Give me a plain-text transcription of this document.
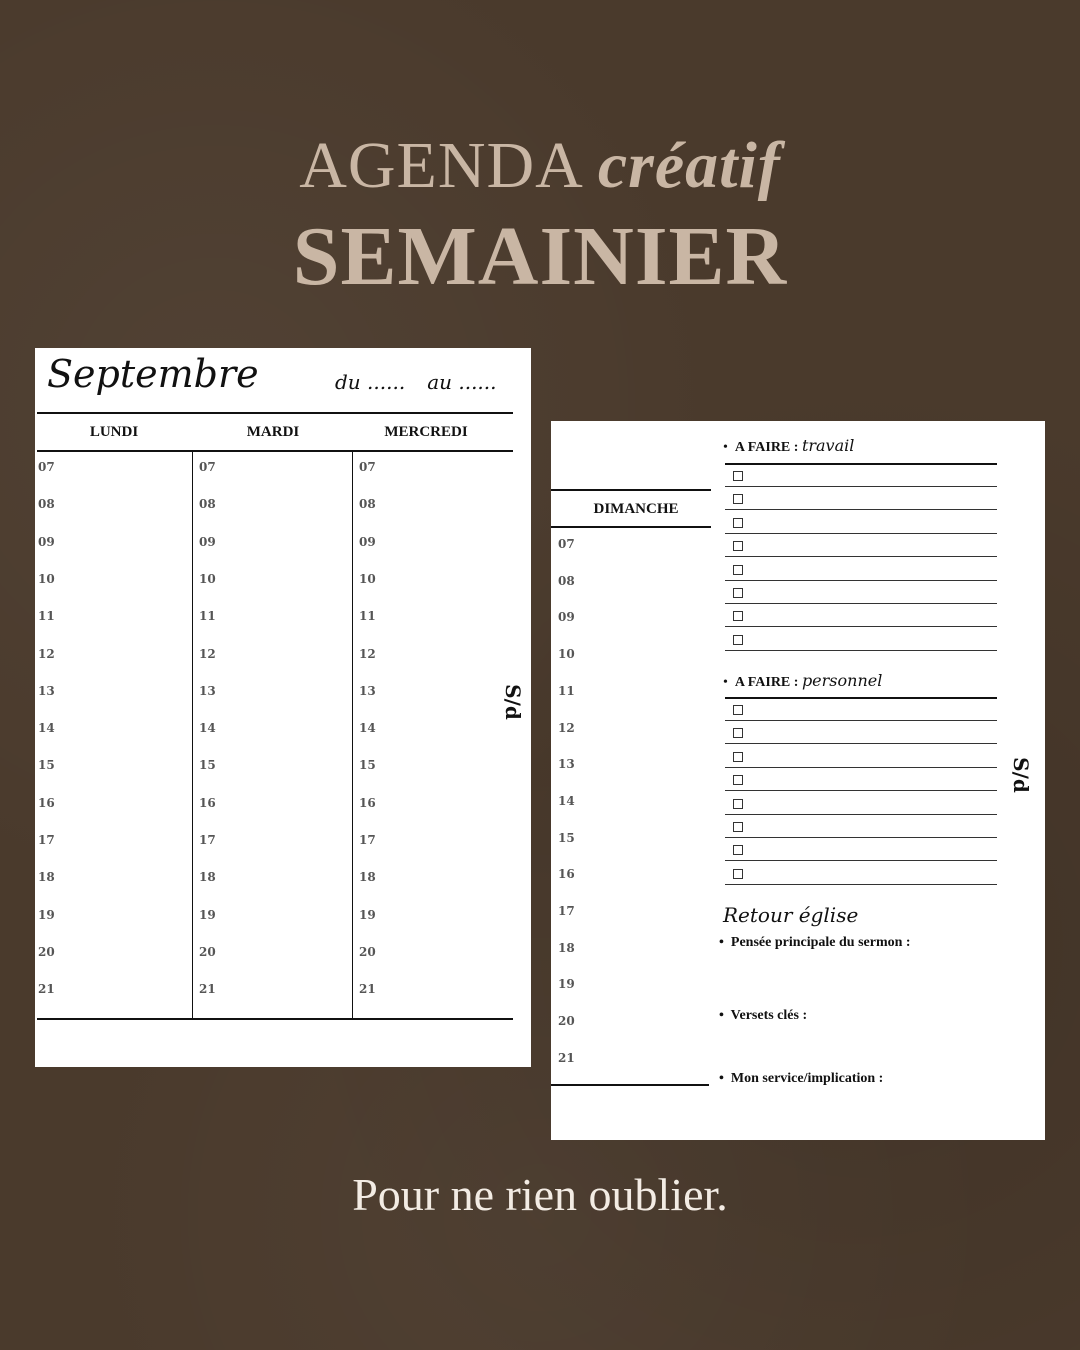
AGENDA créatif
SEMAINIER
Septembre	du ...... au ......
LUNDI	MARDI	MERCREDI
07	07	07
08	08	08
09	09	09
10	10	10
11	11	11
12	12	12
13	13	13
14	14	14
15	15	15
16	16	16
17	17	17
18	18	18
19	19	19
20	20	20
21	21	21
S/d
DIMANCHE
07
08
09
10
11
12
13
14
15
16
17
18
19
20
21
•  A FAIRE : travail
•  A FAIRE : personnel
Retour église
•  Pensée principale du sermon :
•  Versets clés :
•  Mon service/implication :
S/d
Pour ne rien oublier.
